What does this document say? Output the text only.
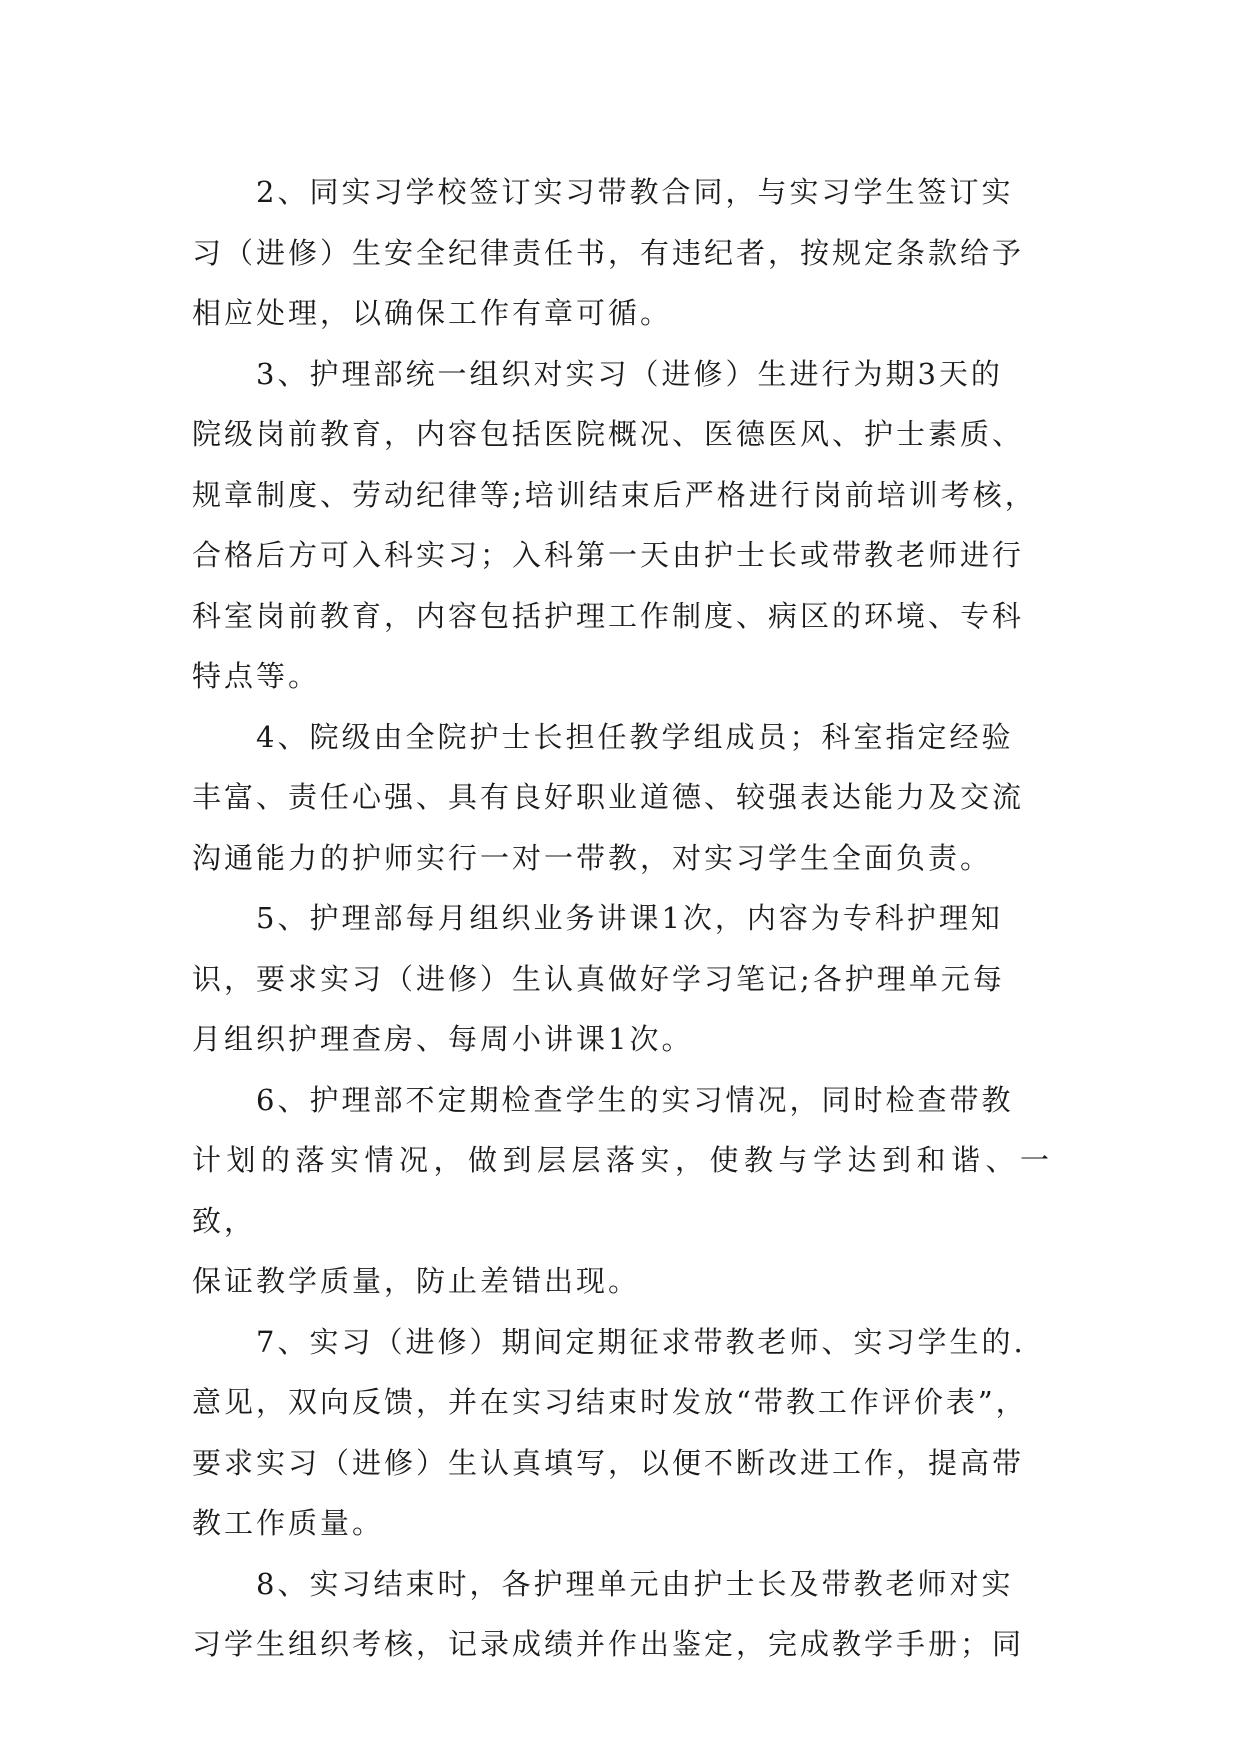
2、同实习学校签订实习带教合同，与实习学生签订实
习（进修）生安全纪律责任书，有违纪者，按规定条款给予
相应处理，以确保工作有章可循。

3、护理部统一组织对实习（进修）生进行为期3天的
院级岗前教育，内容包括医院概况、医德医风、护士素质、
规章制度、劳动纪律等;培训结束后严格进行岗前培训考核，
合格后方可入科实习；入科第一天由护士长或带教老师进行
科室岗前教育，内容包括护理工作制度、病区的环境、专科
特点等。

4、院级由全院护士长担任教学组成员；科室指定经验
丰富、责任心强、具有良好职业道德、较强表达能力及交流
沟通能力的护师实行一对一带教，对实习学生全面负责。

5、护理部每月组织业务讲课1次，内容为专科护理知
识，要求实习（进修）生认真做好学习笔记;各护理单元每
月组织护理查房、每周小讲课1次。

6、护理部不定期检查学生的实习情况，同时检查带教
计划的落实情况，做到层层落实，使教与学达到和谐、一致，
保证教学质量，防止差错出现。

7、实习（进修）期间定期征求带教老师、实习学生的.
意见，双向反馈，并在实习结束时发放“带教工作评价表”，
要求实习（进修）生认真填写，以便不断改进工作，提高带
教工作质量。

8、实习结束时，各护理单元由护士长及带教老师对实
习学生组织考核，记录成绩并作出鉴定，完成教学手册；同
